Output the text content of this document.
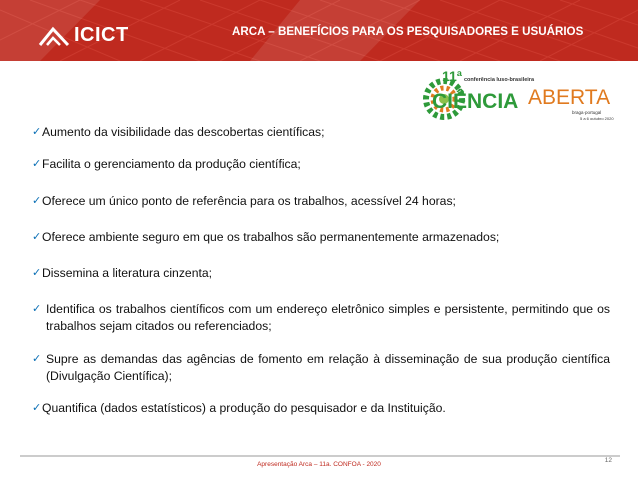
ICICT	ARCA – BENEFÍCIOS PARA OS PESQUISADORES E USUÁRIOS
11ª conferência luso-brasileira
CIÊNCIA ABERTA
braga·portugal
5 a 6 outubro 2020
✓ Aumento da visibilidade das descobertas científicas;
✓ Facilita o gerenciamento da produção científica;
✓ Oferece um único ponto de referência para os trabalhos, acessível 24 horas;
✓ Oferece ambiente seguro em que os trabalhos são permanentemente armazenados;
✓ Dissemina a literatura cinzenta;
✓ Identifica os trabalhos científicos com um endereço eletrônico simples e persistente, permitindo que os trabalhos sejam citados ou referenciados;
✓ Supre as demandas das agências de fomento em relação à disseminação de sua produção científica (Divulgação Científica);
✓ Quantifica (dados estatísticos) a produção do pesquisador e da Instituição.
Apresentação Arca – 11a. CONFOA - 2020
12
